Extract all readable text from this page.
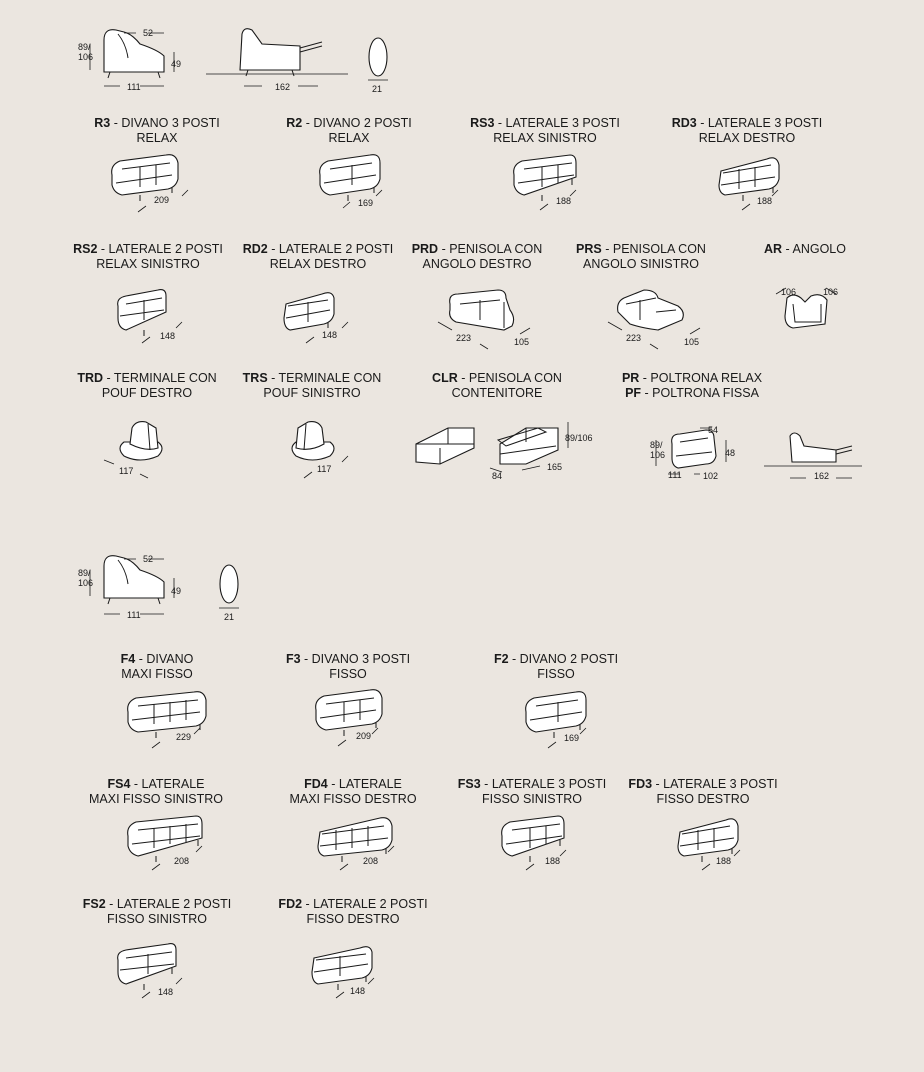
89/
106
52
49
111	162	21
R3 - DIVANO 3 POSTI
RELAX
R2 - DIVANO 2 POSTI
RELAX
RS3 - LATERALE 3 POSTI
RELAX SINISTRO
RD3 - LATERALE 3 POSTI
RELAX DESTRO
209	169	188	188
RS2 - LATERALE 2 POSTI
RELAX SINISTRO
RD2 - LATERALE 2 POSTI
RELAX DESTRO
PRD - PENISOLA CON
ANGOLO DESTRO
PRS - PENISOLA CON
ANGOLO SINISTRO
AR - ANGOLO
148	148	223	105	223	105
106	106
TRD - TERMINALE CON
POUF DESTRO
TRS - TERMINALE CON
POUF SINISTRO
CLR - PENISOLA CON
CONTENITORE
PR - POLTRONA RELAX
PF - POLTRONA FISSA
117	117
84
165
89/106
54
89/
106	48
111 102	162
89/
106
52
49
111	21
F4 - DIVANO
MAXI FISSO
F3 - DIVANO 3 POSTI
FISSO
F2 - DIVANO 2 POSTI
FISSO
229	209	169
FS4 - LATERALE
MAXI FISSO SINISTRO
FD4 - LATERALE
MAXI FISSO DESTRO
FS3 - LATERALE 3 POSTI
FISSO SINISTRO
FD3 - LATERALE 3 POSTI
FISSO DESTRO
208	208	188	188
FS2 - LATERALE 2 POSTI
FISSO SINISTRO
FD2 - LATERALE 2 POSTI
FISSO DESTRO
148	148
